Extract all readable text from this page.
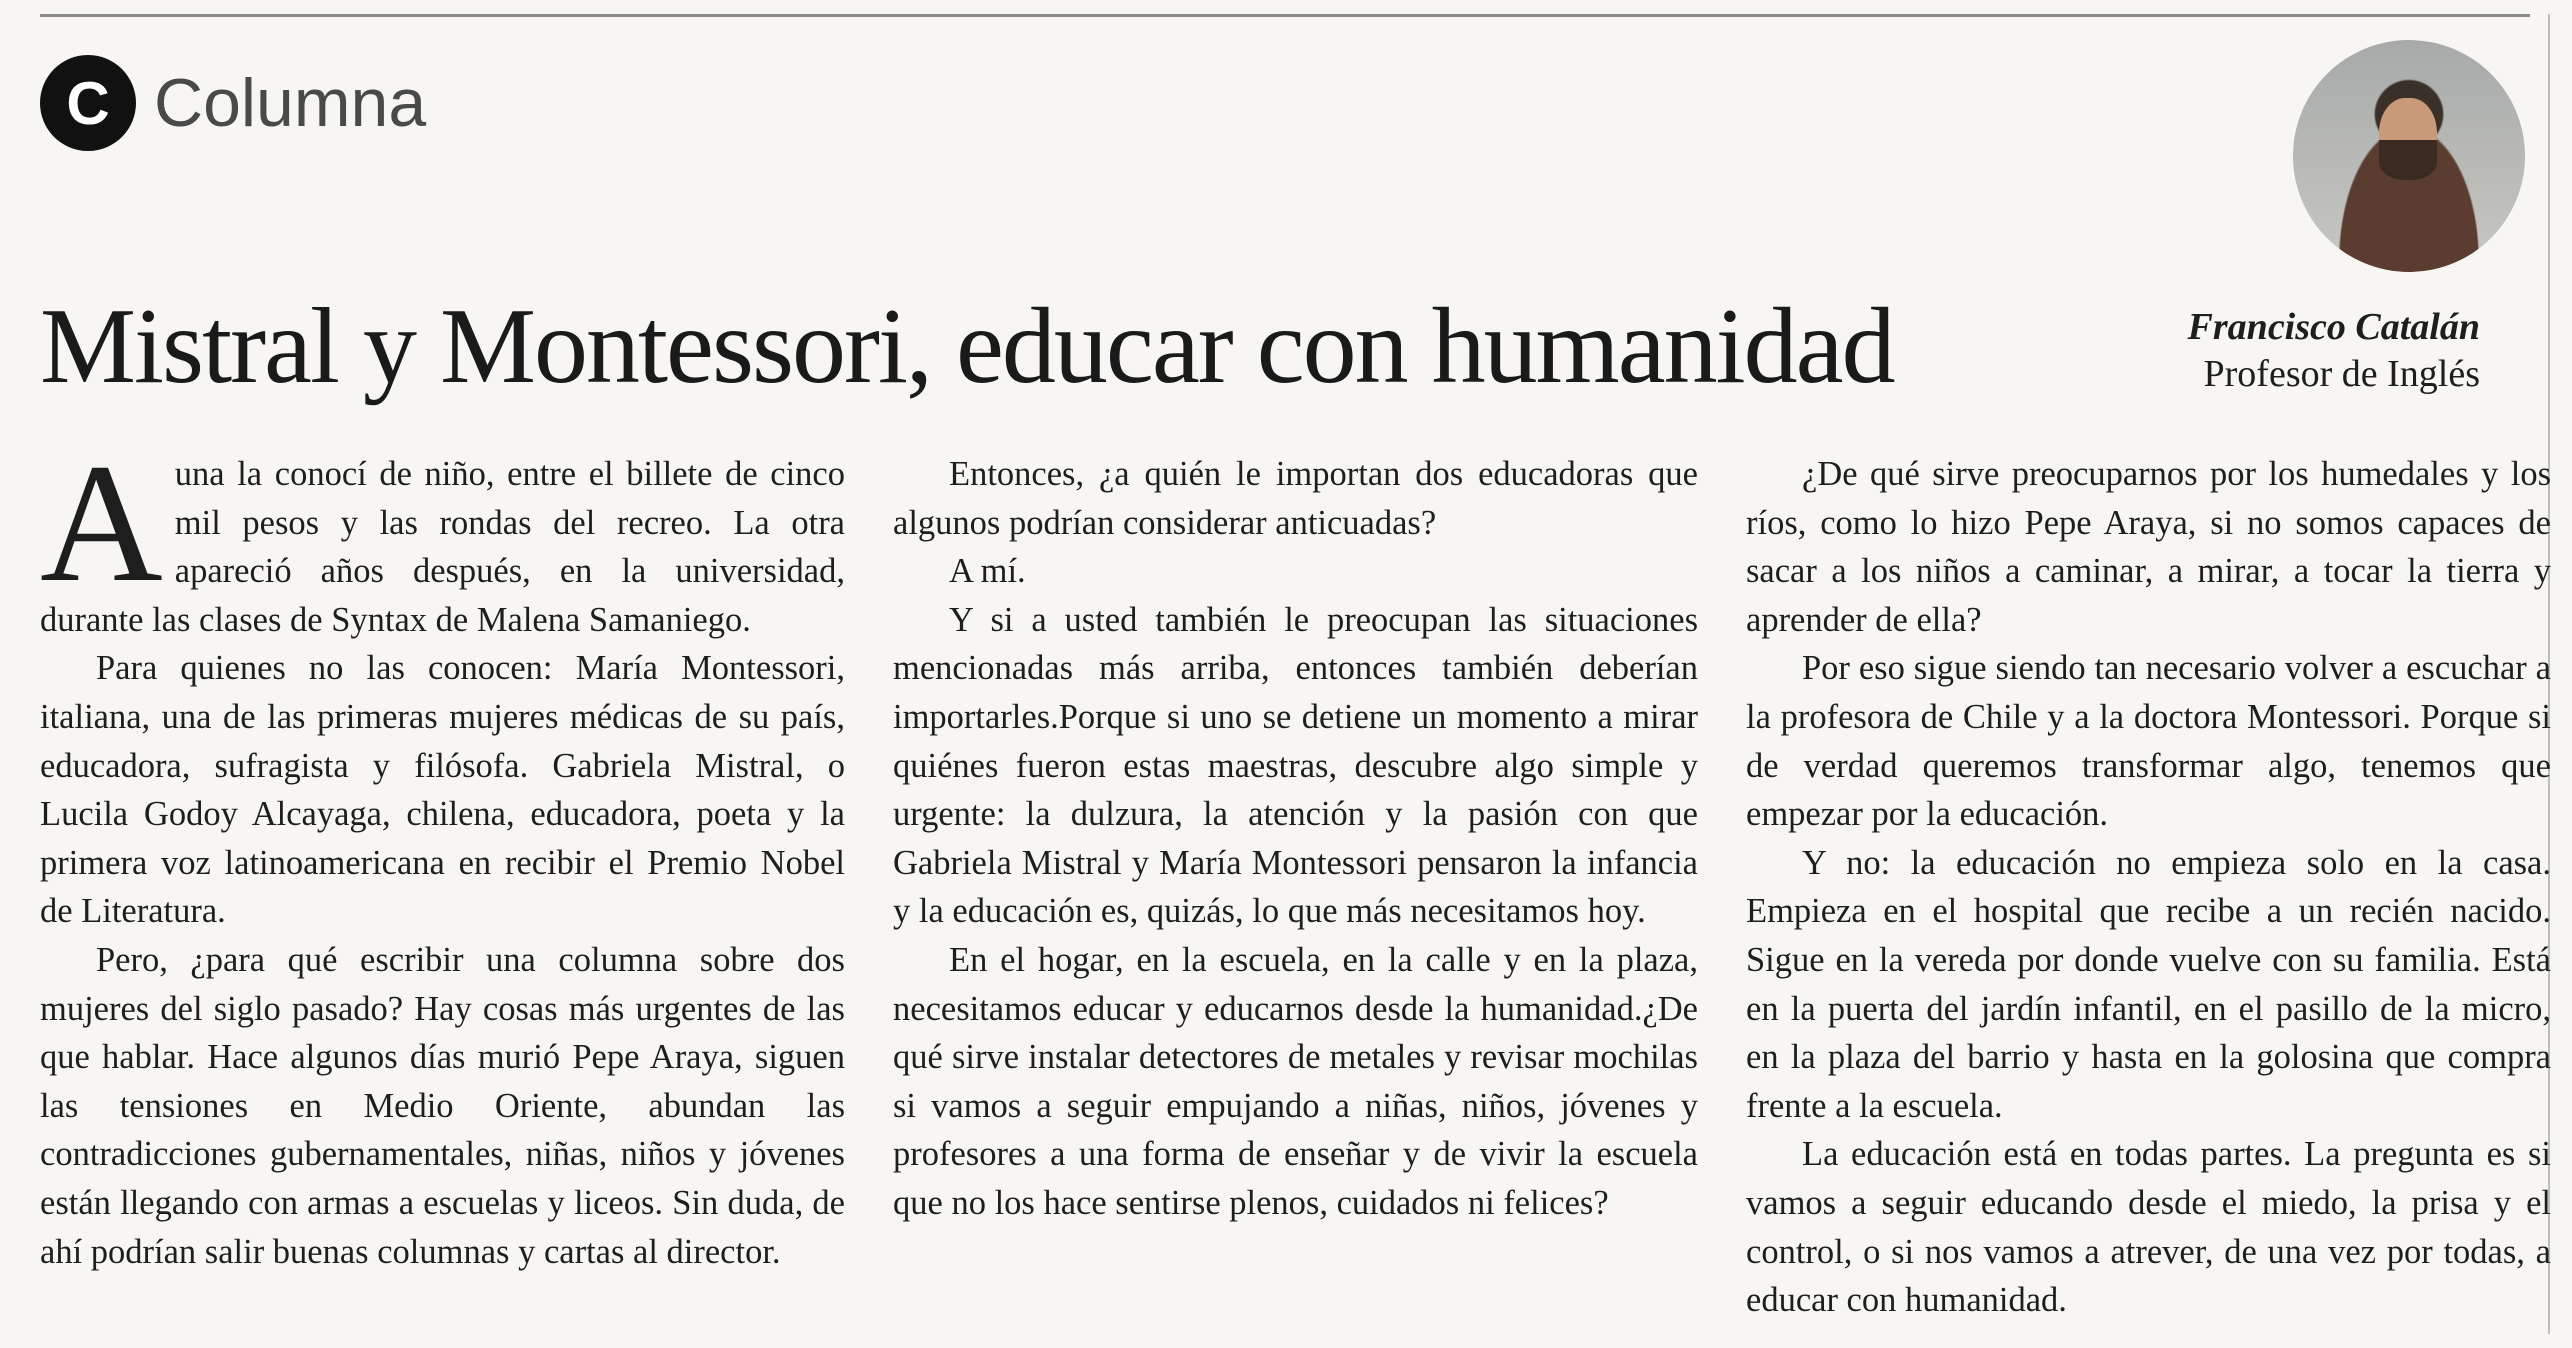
C Columna
Mistral y Montessori, educar con humanidad	Francisco Catalán
Profesor de Inglés

Auna la conocí de niño, entre el billete de cinco mil pesos y las rondas del recreo. La otra apareció años después, en la universidad, durante las clases de Syntax de Malena Samaniego.

Para quienes no las conocen: María Montessori, italiana, una de las primeras mujeres médicas de su país, educadora, sufragista y filósofa. Gabriela Mistral, o Lucila Godoy Alcayaga, chilena, educadora, poeta y la primera voz latinoamericana en recibir el Premio Nobel de Literatura.

Pero, ¿para qué escribir una columna sobre dos mujeres del siglo pasado? Hay cosas más urgentes de las que hablar. Hace algunos días murió Pepe Araya, siguen las tensiones en Medio Oriente, abundan las contradicciones gubernamentales, niñas, niños y jóvenes están llegando con armas a escuelas y liceos. Sin duda, de ahí podrían salir buenas columnas y cartas al director.

Entonces, ¿a quién le importan dos educadoras que algunos podrían considerar anticuadas?

A mí.

Y si a usted también le preocupan las situaciones mencionadas más arriba, entonces también deberían importarles.Porque si uno se detiene un momento a mirar quiénes fueron estas maestras, descubre algo simple y urgente: la dulzura, la atención y la pasión con que Gabriela Mistral y María Montessori pensaron la infancia y la educación es, quizás, lo que más necesitamos hoy.

En el hogar, en la escuela, en la calle y en la plaza, necesitamos educar y educarnos desde la humanidad.¿De qué sirve instalar detectores de metales y revisar mochilas si vamos a seguir empujando a niñas, niños, jóvenes y profesores a una forma de enseñar y de vivir la escuela que no los hace sentirse plenos, cuidados ni felices?

¿De qué sirve preocuparnos por los humedales y los ríos, como lo hizo Pepe Araya, si no somos capaces de sacar a los niños a caminar, a mirar, a tocar la tierra y aprender de ella?

Por eso sigue siendo tan necesario volver a escuchar a la profesora de Chile y a la doctora Montessori. Porque si de verdad queremos transformar algo, tenemos que empezar por la educación.

Y no: la educación no empieza solo en la casa. Empieza en el hospital que recibe a un recién nacido. Sigue en la vereda por donde vuelve con su familia. Está en la puerta del jardín infantil, en el pasillo de la micro, en la plaza del barrio y hasta en la golosina que compra frente a la escuela.

La educación está en todas partes. La pregunta es si vamos a seguir educando desde el miedo, la prisa y el control, o si nos vamos a atrever, de una vez por todas, a educar con humanidad.
